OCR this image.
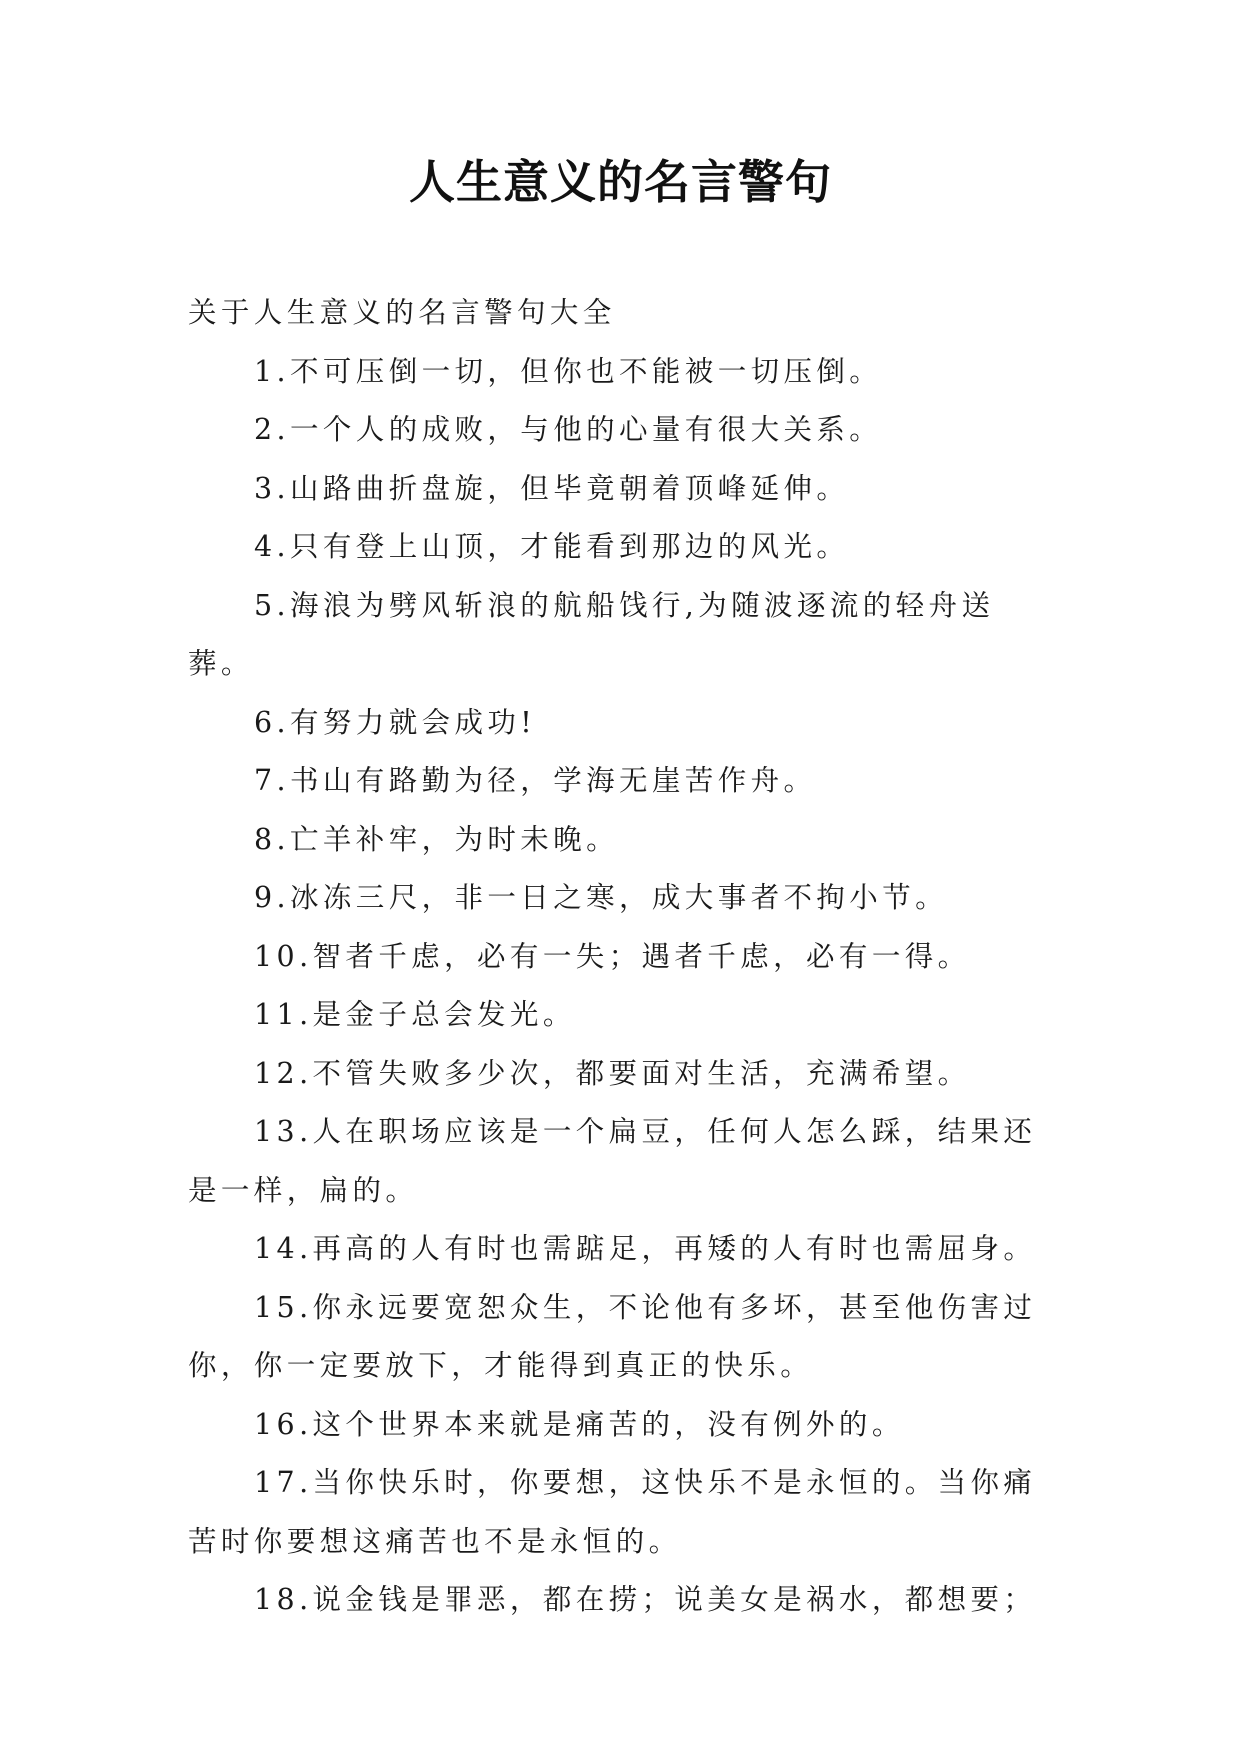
人生意义的名言警句

关于人生意义的名言警句大全

1.不可压倒一切，但你也不能被一切压倒。

2.一个人的成败，与他的心量有很大关系。

3.山路曲折盘旋，但毕竟朝着顶峰延伸。

4.只有登上山顶，才能看到那边的风光。

5.海浪为劈风斩浪的航船饯行,为随波逐流的轻舟送葬。

6.有努力就会成功!

7.书山有路勤为径，学海无崖苦作舟。

8.亡羊补牢，为时未晚。

9.冰冻三尺，非一日之寒，成大事者不拘小节。

10.智者千虑，必有一失；遇者千虑，必有一得。

11.是金子总会发光。

12.不管失败多少次，都要面对生活，充满希望。

13.人在职场应该是一个扁豆，任何人怎么踩，结果还是一样，扁的。

14.再高的人有时也需踮足，再矮的人有时也需屈身。

15.你永远要宽恕众生，不论他有多坏，甚至他伤害过你，你一定要放下，才能得到真正的快乐。

16.这个世界本来就是痛苦的，没有例外的。

17.当你快乐时，你要想，这快乐不是永恒的。当你痛苦时你要想这痛苦也不是永恒的。

18.说金钱是罪恶，都在捞；说美女是祸水，都想要；
